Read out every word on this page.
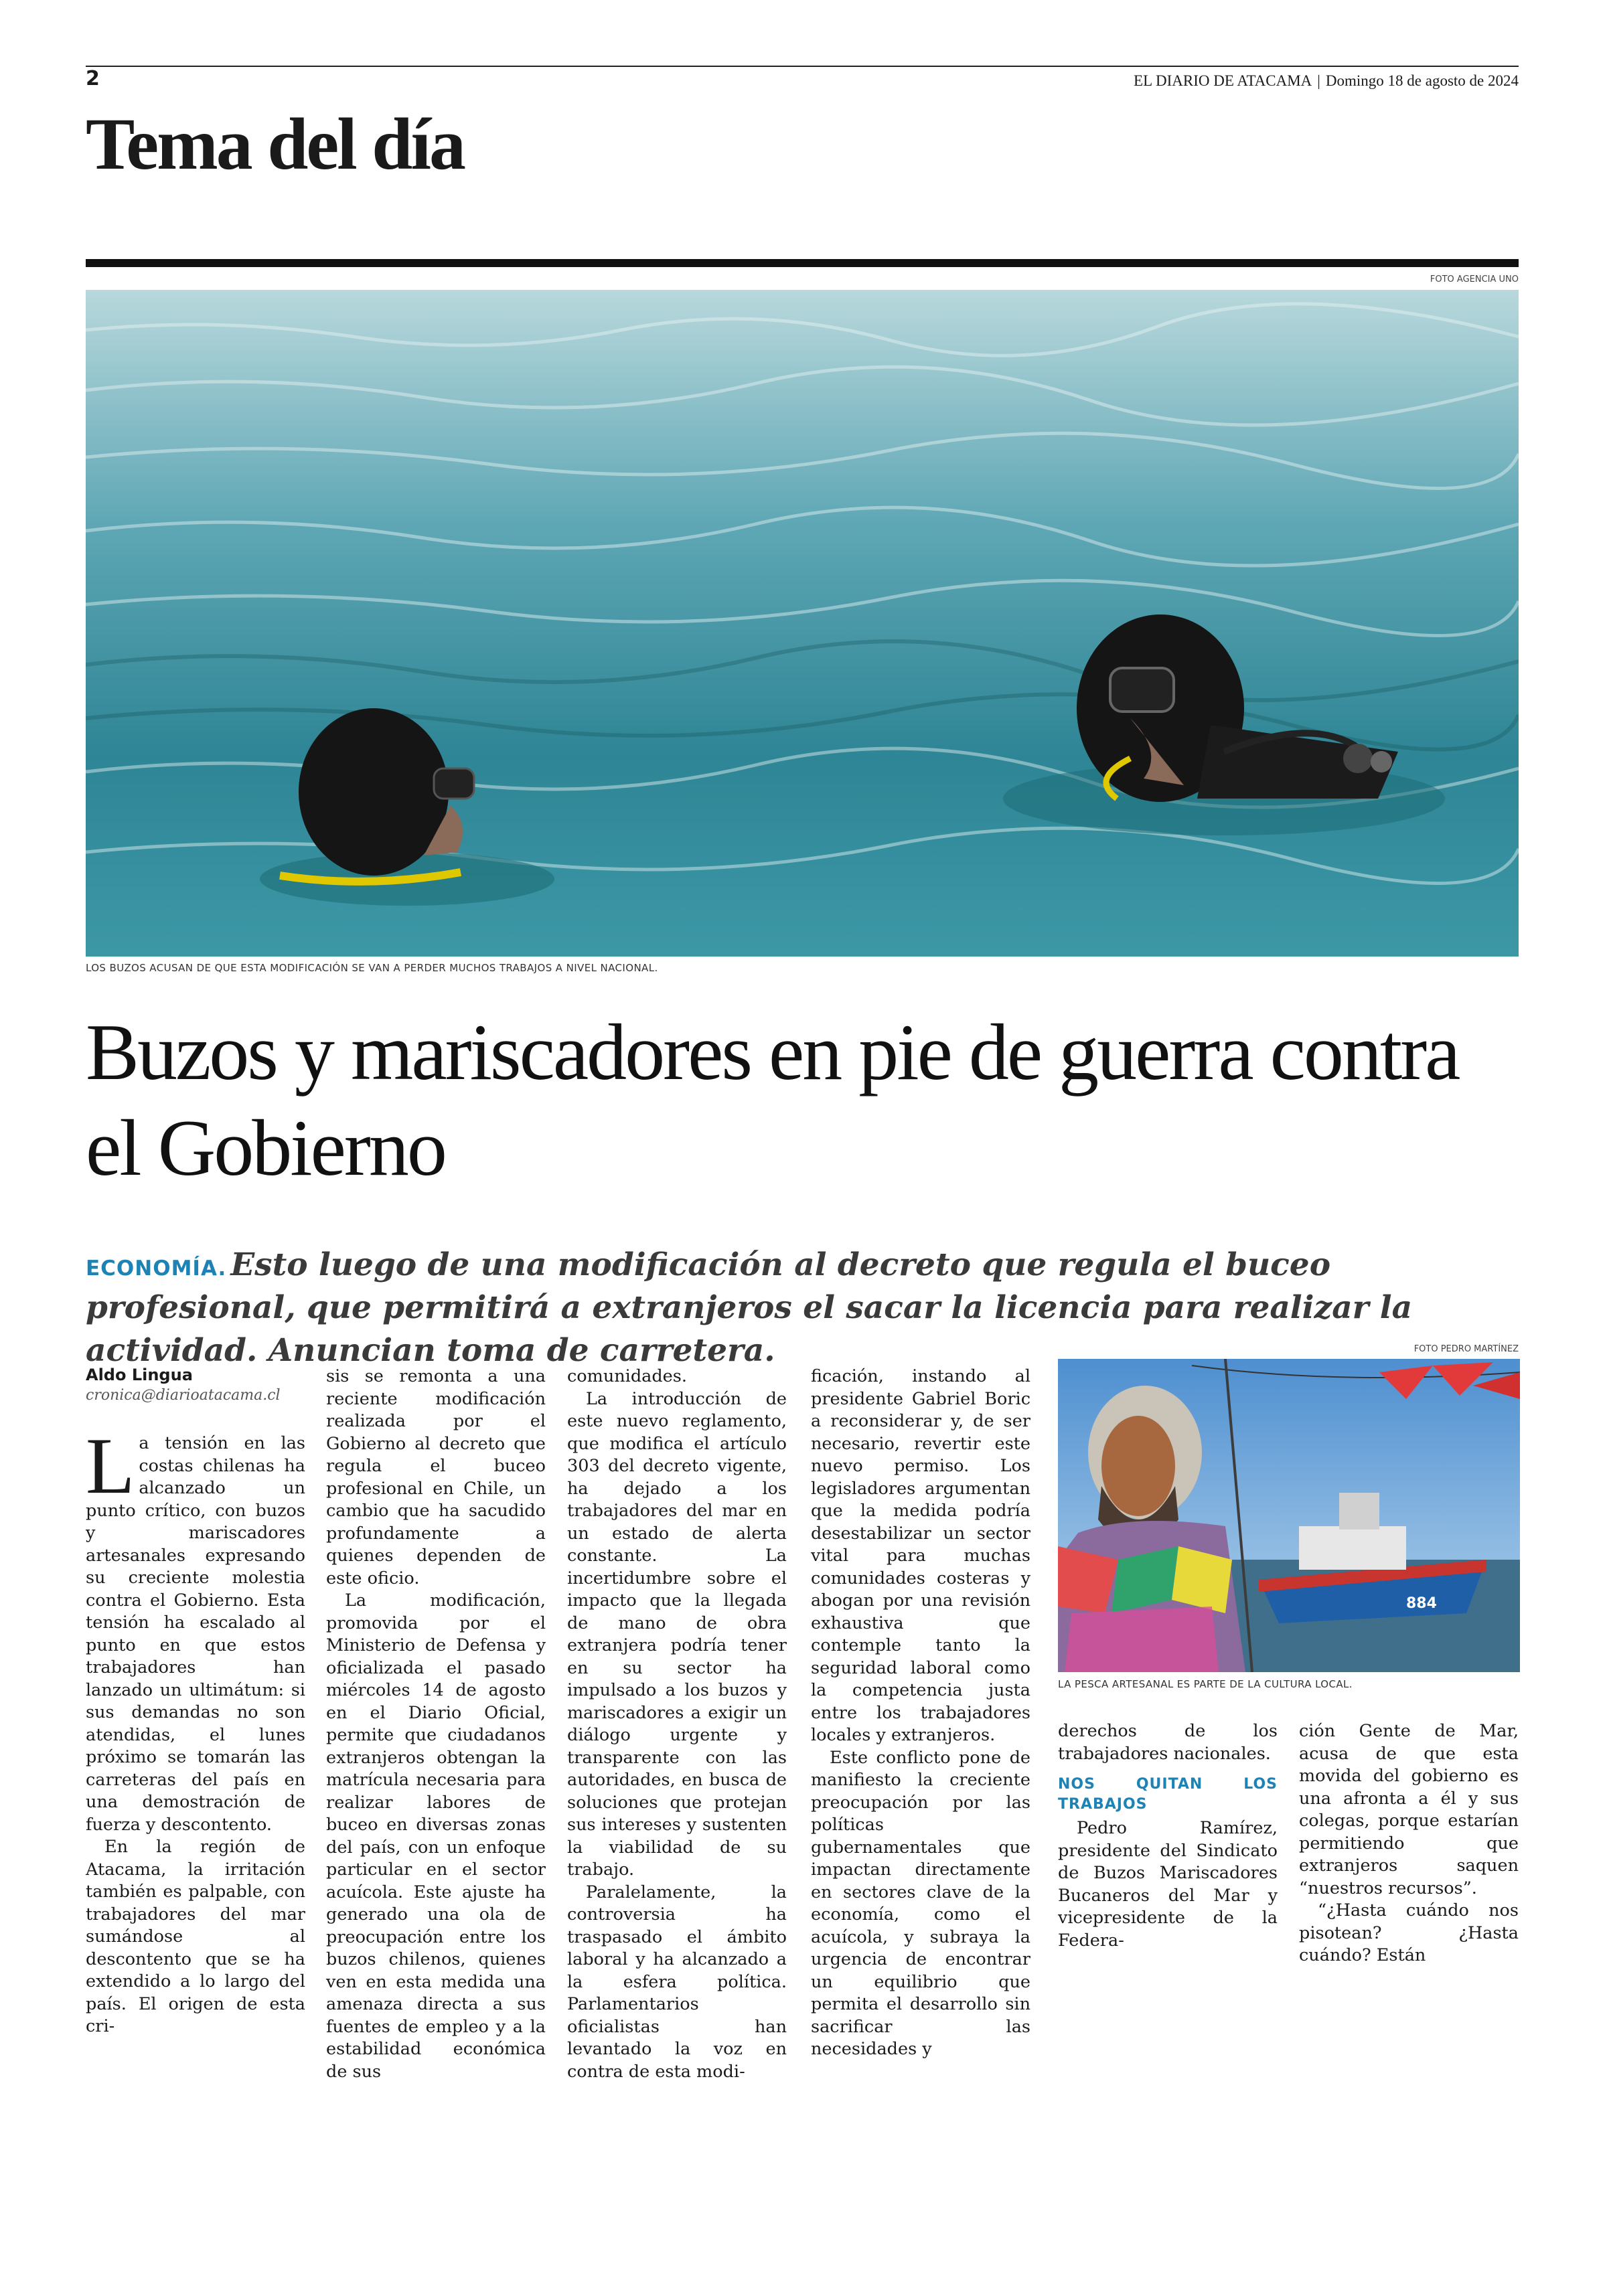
2	EL DIARIO DE ATACAMA | Domingo 18 de agosto de 2024
Tema del día
FOTO AGENCIA UNO
LOS BUZOS ACUSAN DE QUE ESTA MODIFICACIÓN SE VAN A PERDER MUCHOS TRABAJOS A NIVEL NACIONAL.
Buzos y mariscadores en pie de guerra contra el Gobierno
ECONOMÍA. Esto luego de una modificación al decreto que regula el buceo profesional, que permitirá a extranjeros el sacar la licencia para realizar la actividad. Anuncian toma de carretera.
Aldo Lingua
cronica@diarioatacama.cl
L a tensión en las costas chilenas ha alcanzado un punto crítico, con buzos y mariscadores artesanales expresando su creciente molestia contra el Gobierno. Esta tensión ha escalado al punto en que estos trabajadores han lanzado un ultimátum: si sus demandas no son atendidas, el lunes próximo se tomarán las carreteras del país en una demostración de fuerza y descontento.

En la región de Atacama, la irritación también es palpable, con trabajadores del mar sumándose al descontento que se ha extendido a lo largo del país. El origen de esta cri-

sis se remonta a una reciente modificación realizada por el Gobierno al decreto que regula el buceo profesional en Chile, un cambio que ha sacudido profundamente a quienes dependen de este oficio.

La modificación, promovida por el Ministerio de Defensa y oficializada el pasado miércoles 14 de agosto en el Diario Oficial, permite que ciudadanos extranjeros obtengan la matrícula necesaria para realizar labores de buceo en diversas zonas del país, con un enfoque particular en el sector acuícola. Este ajuste ha generado una ola de preocupación entre los buzos chilenos, quienes ven en esta medida una amenaza directa a sus fuentes de empleo y a la estabilidad económica de sus

comunidades.

La introducción de este nuevo reglamento, que modifica el artículo 303 del decreto vigente, ha dejado a los trabajadores del mar en un estado de alerta constante. La incertidumbre sobre el impacto que la llegada de mano de obra extranjera podría tener en su sector ha impulsado a los buzos y mariscadores a exigir un diálogo urgente y transparente con las autoridades, en busca de soluciones que protejan sus intereses y sustenten la viabilidad de su trabajo.

Paralelamente, la controversia ha traspasado el ámbito laboral y ha alcanzado a la esfera política. Parlamentarios oficialistas han levantado la voz en contra de esta modi-

ficación, instando al presidente Gabriel Boric a reconsiderar y, de ser necesario, revertir este nuevo permiso. Los legisladores argumentan que la medida podría desestabilizar un sector vital para muchas comunidades costeras y abogan por una revisión exhaustiva que contemple tanto la seguridad laboral como la competencia justa entre los trabajadores locales y extranjeros.

Este conflicto pone de manifiesto la creciente preocupación por las políticas gubernamentales que impactan directamente en sectores clave de la economía, como el acuícola, y subraya la urgencia de encontrar un equilibrio que permita el desarrollo sin sacrificar las necesidades y

FOTO PEDRO MARTÍNEZ
884
LA PESCA ARTESANAL ES PARTE DE LA CULTURA LOCAL.

derechos de los trabajadores nacionales.

NOS QUITAN LOS TRABAJOS

Pedro Ramírez, presidente del Sindicato de Buzos Mariscadores Bucaneros del Mar y vicepresidente de la Federa-

ción Gente de Mar, acusa de que esta movida del gobierno es una afronta a él y sus colegas, porque estarían permitiendo que extranjeros saquen “nuestros recursos”.

“¿Hasta cuándo nos pisotean? ¿Hasta cuándo? Están
